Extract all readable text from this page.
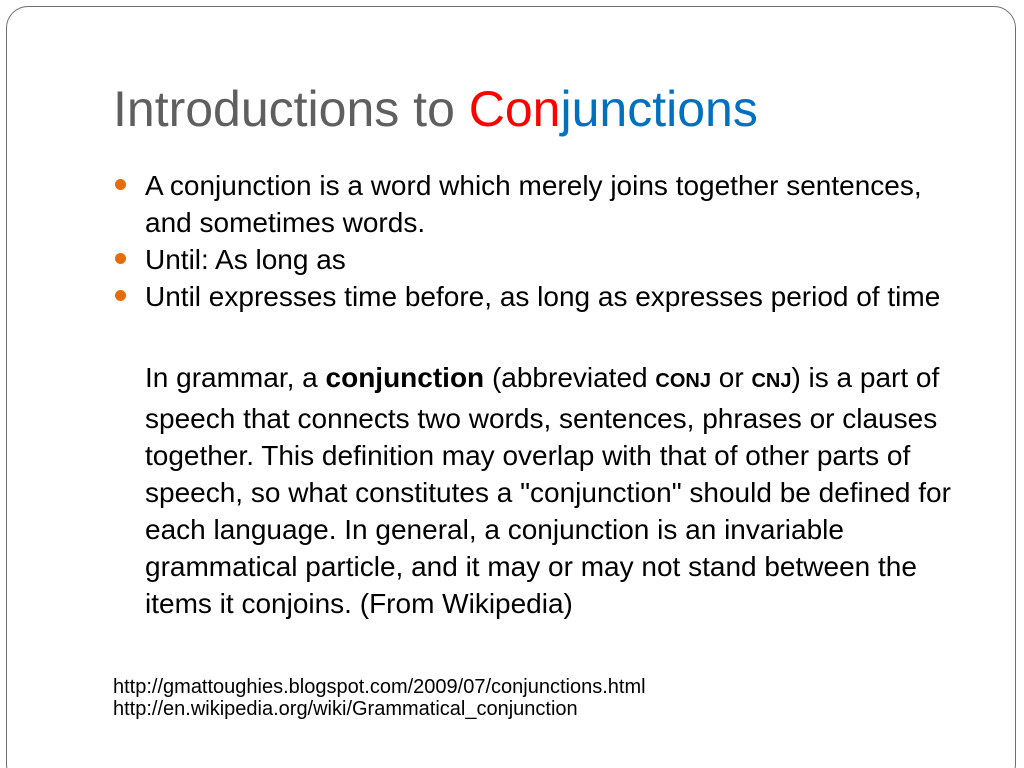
Introductions to Conjunctions

A conjunction is a word which merely joins together sentences, and sometimes words.

Until: As long as

Until expresses time before, as long as expresses period of time

In grammar, a conjunction (abbreviated CONJ or CNJ) is a part of speech that connects two words, sentences, phrases or clauses together. This definition may overlap with that of other parts of speech, so what constitutes a "conjunction" should be defined for each language. In general, a conjunction is an invariable grammatical particle, and it may or may not stand between the items it conjoins. (From Wikipedia)

http://gmattoughies.blogspot.com/2009/07/conjunctions.html
http://en.wikipedia.org/wiki/Grammatical_conjunction
